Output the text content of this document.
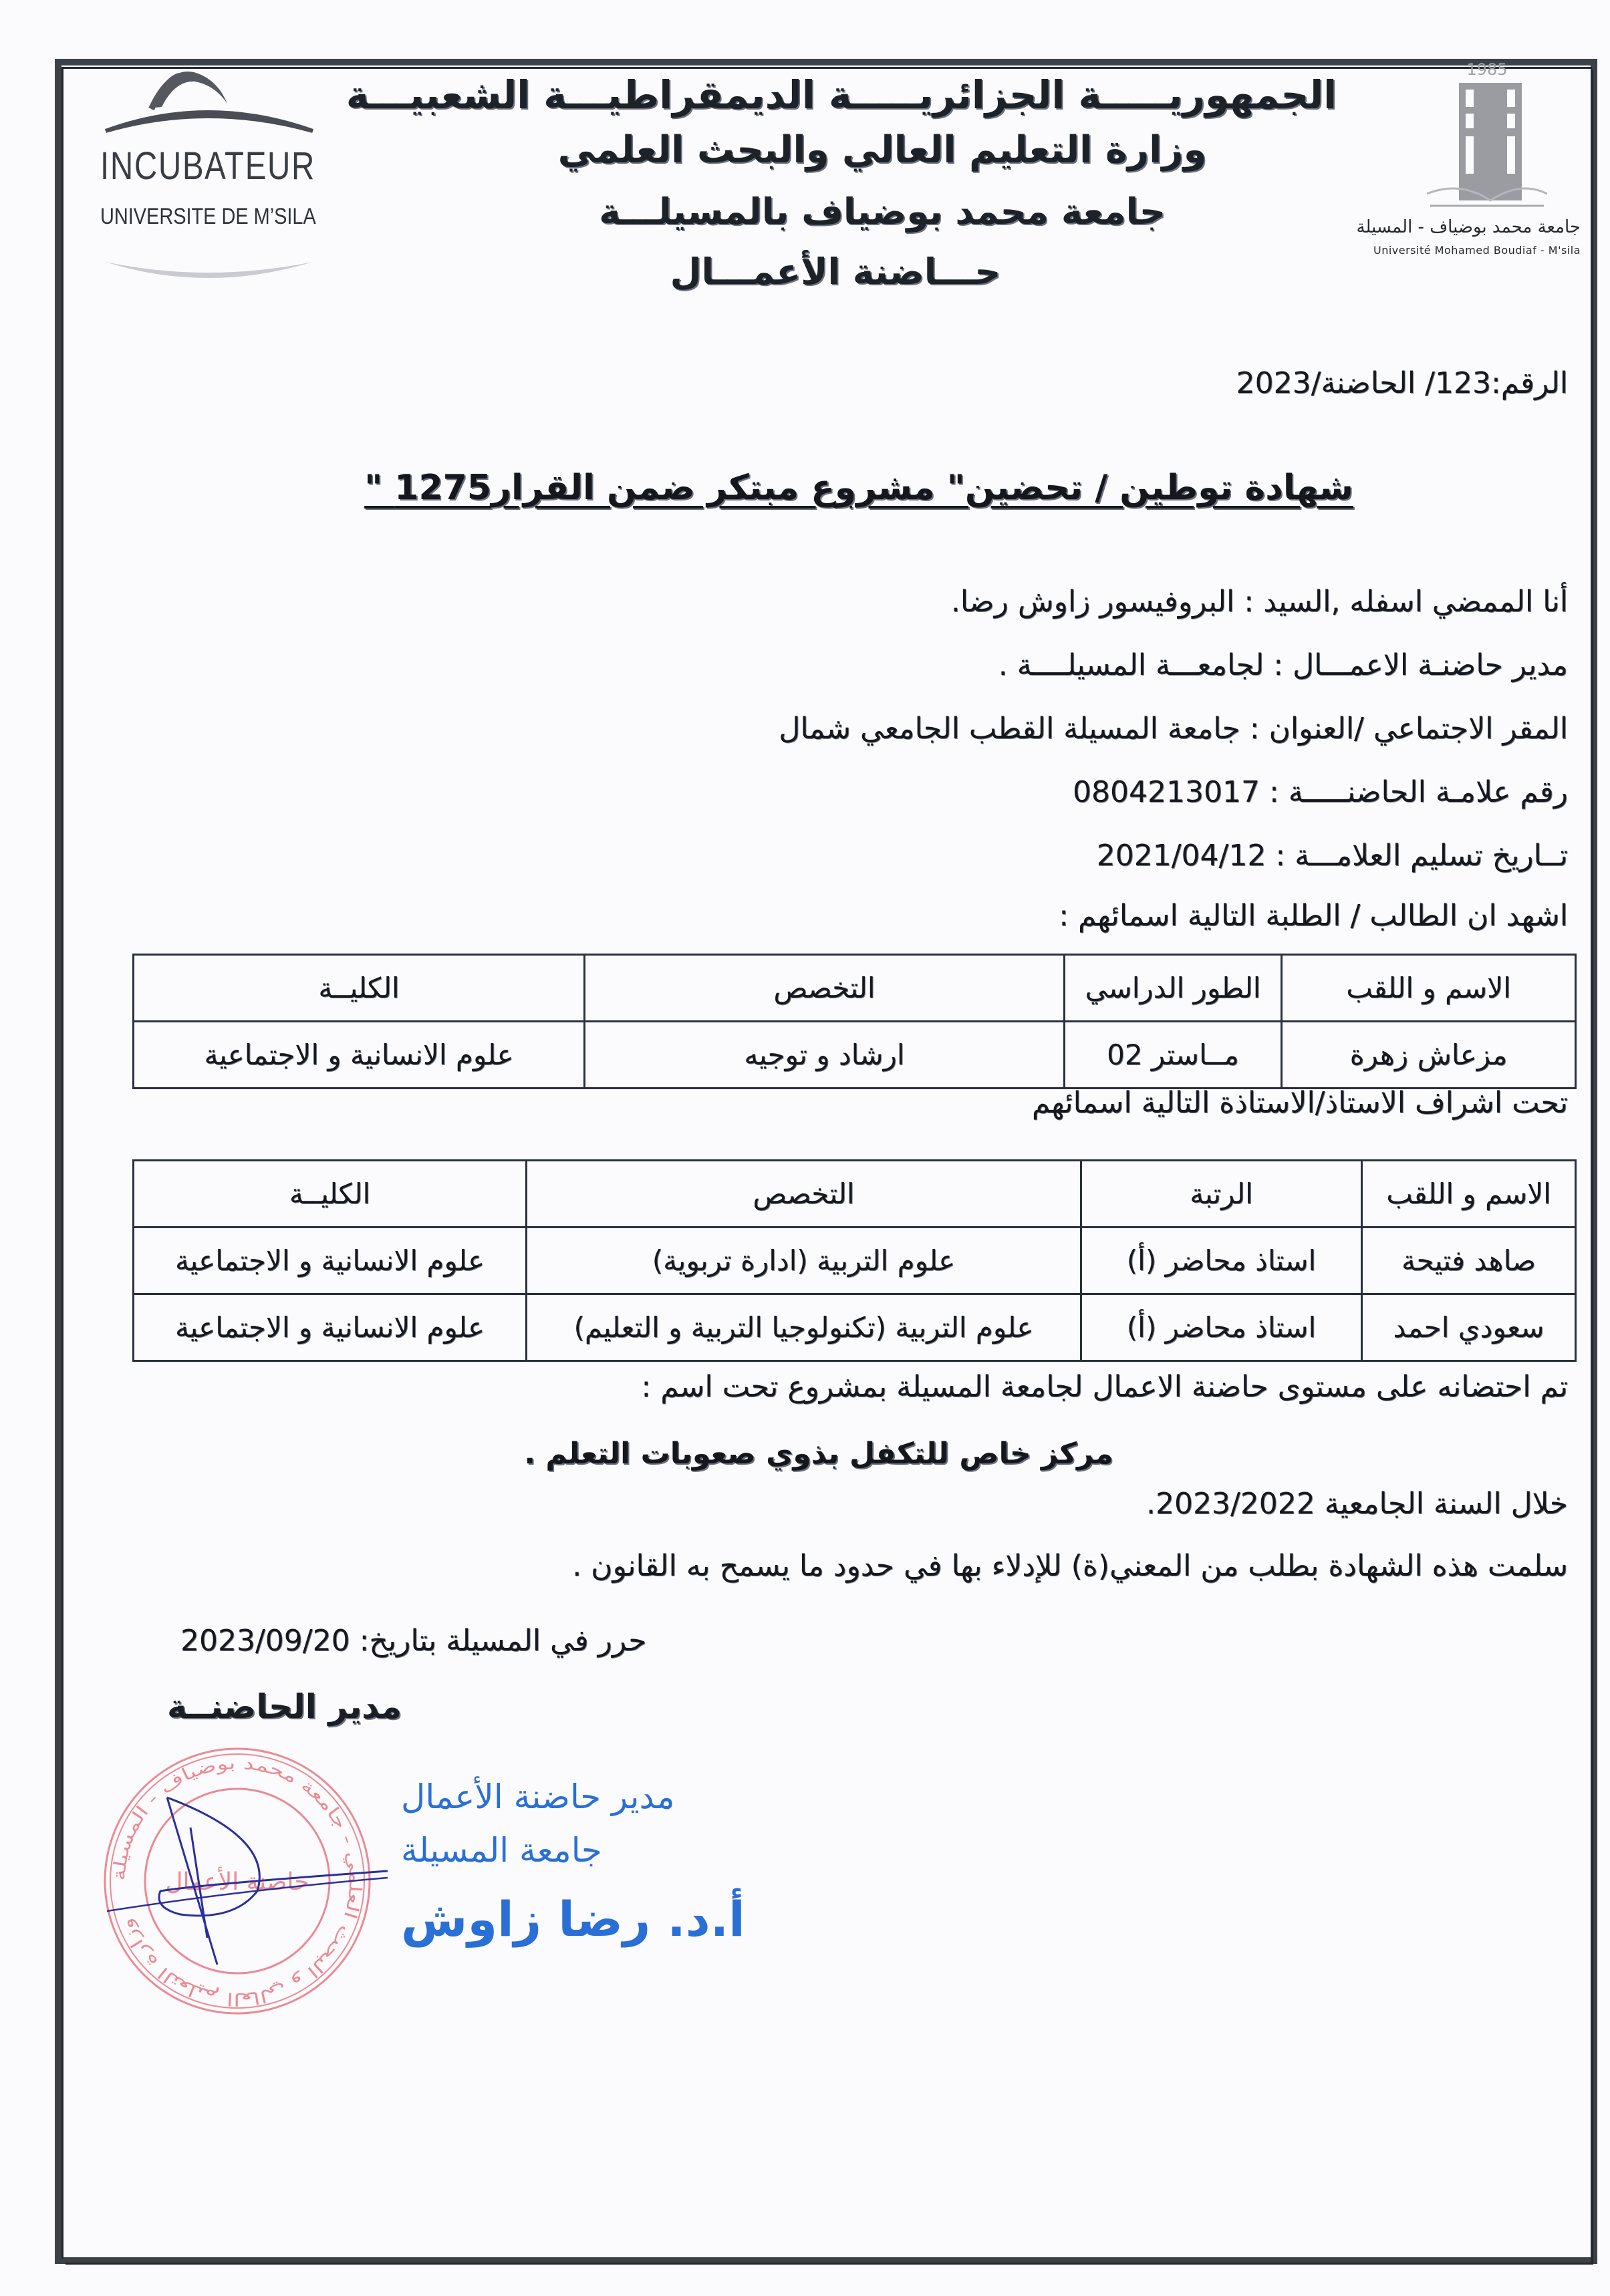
INCUBATEUR
UNIVERSITE DE M’SILA
1985
جامعة محمد بوضياف - المسيلة
Université Mohamed Boudiaf - M'sila
الجمهوريـــــة الجزائريـــــة الديمقراطيـــة الشعبيـــة
وزارة التعليم العالي والبحث العلمي
جامعة محمد بوضياف بالمسيلـــة
حـــاضنة الأعمـــال
الرقم:123/ الحاضنة/2023
شهادة توطين / تحضين" مشروع مبتكر ضمن القرار1275 "
أنا الممضي اسفله ,السيد : البروفيسور زاوش رضا.
مدير حاضنـة الاعمـــال : لجامعـــة المسيلــــة .
المقر الاجتماعي /العنوان : جامعة المسيلة القطب الجامعي شمال
رقم علامـة الحاضنـــــة : 0804213017
تــاريخ تسليم العلامـــة : 2021/04/12
اشهد ان الطالب / الطلبة التالية اسمائهم :
الاسم و اللقب	الطور الدراسي	التخصص	الكليــة
مزعاش زهرة	مــاستر 02	ارشاد و توجيه	علوم الانسانية و الاجتماعية
تحت اشراف الاستاذ/الاستاذة التالية اسمائهم
الاسم و اللقب	الرتبة	التخصص	الكليــة
صاهد فتيحة	استاذ محاضر (أ)	علوم التربية (ادارة تربوية)	علوم الانسانية و الاجتماعية
سعودي احمد	استاذ محاضر (أ)	علوم التربية (تكنولوجيا التربية و التعليم)	علوم الانسانية و الاجتماعية
تم احتضانه على مستوى حاضنة الاعمال لجامعة المسيلة بمشروع تحت اسم :
مركز خاص للتكفل بذوي صعوبات التعلم .
خلال السنة الجامعية 2023/2022.
سلمت هذه الشهادة بطلب من المعني(ة) للإدلاء بها في حدود ما يسمح به القانون .
حرر في المسيلة بتاريخ: 2023/09/20
مدير الحاضنــة
وزارة التعليم العالي و البحث العلمي - جامعة محمد بوضياف - المسيلة
حاضنة الأعمال
مدير حاضنة الأعمال
جامعة المسيلة
أ.د. رضا زاوش
